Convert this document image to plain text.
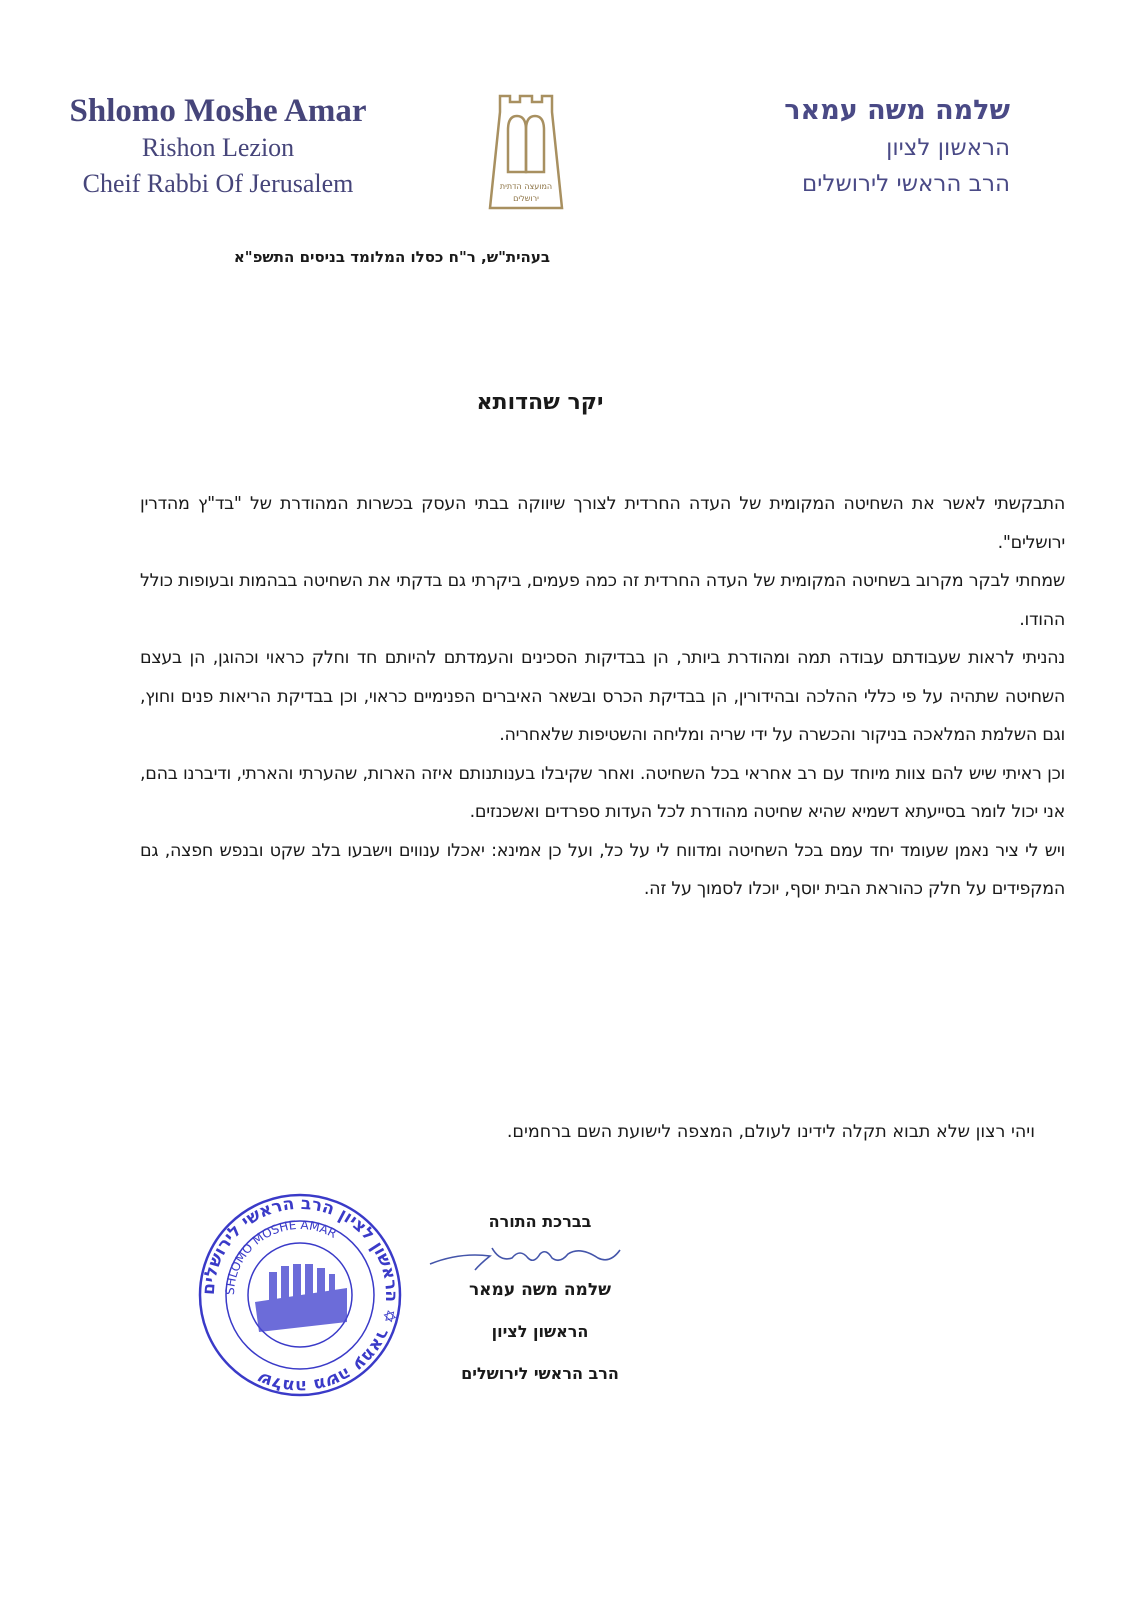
Shlomo Moshe Amar
Rishon Lezion
Cheif Rabbi Of Jerusalem	המועצה הדתית
ירושלים
שלמה משה עמאר
הראשון לציון
הרב הראשי לירושלים
בעהית"ש, ר"ח כסלו המלומד בניסים התשפ"א
יקר שהדותא

התבקשתי לאשר את השחיטה המקומית של העדה החרדית לצורך שיווקה בבתי העסק בכשרות המהודרת של "בד"ץ מהדרין ירושלים".

שמחתי לבקר מקרוב בשחיטה המקומית של העדה החרדית זה כמה פעמים, ביקרתי גם בדקתי את השחיטה בבהמות ובעופות כולל ההודו.

נהניתי לראות שעבודתם עבודה תמה ומהודרת ביותר, הן בבדיקות הסכינים והעמדתם להיותם חד וחלק כראוי וכהוגן, הן בעצם השחיטה שתהיה על פי כללי ההלכה ובהידורין, הן בבדיקת הכרס ובשאר האיברים הפנימיים כראוי, וכן בבדיקת הריאות פנים וחוץ, וגם השלמת המלאכה בניקור והכשרה על ידי שריה ומליחה והשטיפות שלאחריה.

וכן ראיתי שיש להם צוות מיוחד עם רב אחראי בכל השחיטה. ואחר שקיבלו בענותנותם איזה הארות, שהערתי והארתי, ודיברנו בהם, אני יכול לומר בסייעתא דשמיא שהיא שחיטה מהודרת לכל העדות ספרדים ואשכנזים.

ויש לי ציר נאמן שעומד יחד עמם בכל השחיטה ומדווח לי על כל, ועל כן אמינא: יאכלו ענווים וישבעו בלב שקט ובנפש חפצה, גם המקפידים על חלק כהוראת הבית יוסף, יוכלו לסמוך על זה.

ויהי רצון שלא תבוא תקלה לידינו לעולם, המצפה לישועת השם ברחמים.
שלמה משה עמאר ✡ הראשון לציון הרב הראשי לירושלים
SHLOMO MOSHE AMAR
בברכת התורה
שלמה משה עמאר
הראשון לציון
הרב הראשי לירושלים
